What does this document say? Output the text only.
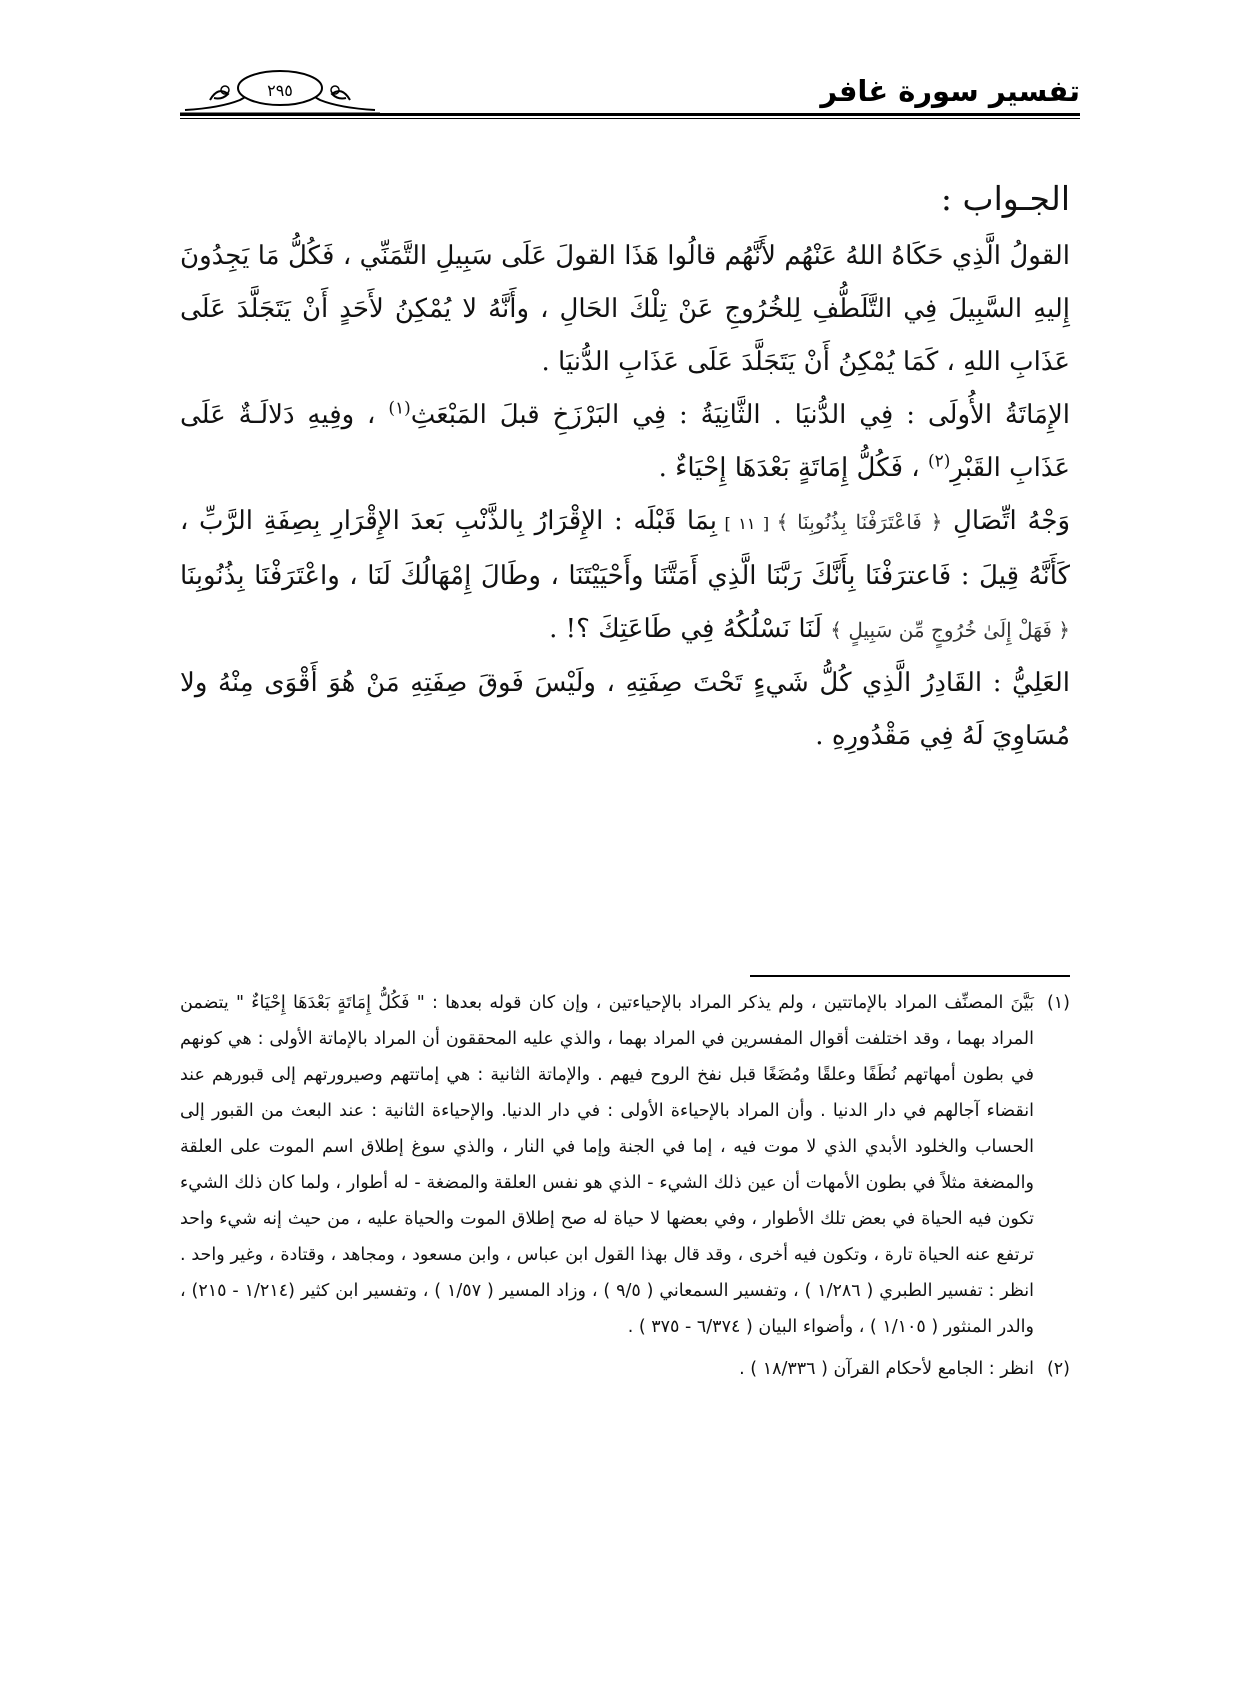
٢٩٥	تفسير سورة غافر

الجـواب :

القولُ الَّذِي حَكَاهُ اللهُ عَنْهُم لأَنَّهُم قالُوا هَذَا القولَ عَلَى سَبِيلِ التَّمَنِّي ، فَكُلُّ مَا يَجِدُونَ إِليهِ السَّبِيلَ فِي التَّلَطُّفِ لِلخُرُوجِ عَنْ تِلْكَ الحَالِ ، وأَنَّهُ لا يُمْكِنُ لأَحَدٍ أَنْ يَتَجَلَّدَ عَلَى عَذَابِ اللهِ ، كَمَا يُمْكِنُ أَنْ يَتَجَلَّدَ عَلَى عَذَابِ الدُّنيَا .

الإِمَاتَةُ الأُولَى : فِي الدُّنيَا . الثَّانِيَةُ : فِي البَرْزَخِ قبلَ المَبْعَثِ$^{(١)}$ ، وفِيهِ دَلالَـةٌ عَلَى عَذَابِ القَبْرِ$^{(٢)}$ ، فَكُلُّ إِمَاتَةٍ بَعْدَهَا إِحْيَاءٌ .

وَجْهُ اتِّصَالِ ﴿ فَاعْتَرَفْنَا بِذُنُوبِنَا ﴾ [ ١١ ] بِمَا قَبْلَه : الإِقْرَارُ بِالذَّنْبِ بَعدَ الإِقْرَارِ بِصِفَةِ الرَّبِّ ، كَأَنَّهُ قِيلَ : فَاعترَفْنَا بِأَنَّكَ رَبَّنَا الَّذِي أَمَتَّنَا وأَحْيَيْتَنَا ، وطَالَ إِمْهَالُكَ لَنَا ، واعْتَرَفْنَا بِذُنُوبِنَا ﴿ فَهَلْ إِلَىٰ خُرُوجٍ مِّن سَبِيلٍ ﴾ لَنَا نَسْلُكُهُ فِي طَاعَتِكَ ؟! .

العَلِيُّ : القَادِرُ الَّذِي كُلُّ شَيءٍ تَحْتَ صِفَتِهِ ، ولَيْسَ فَوقَ صِفَتِهِ مَنْ هُوَ أَقْوَى مِنْهُ ولا مُسَاوِيَ لَهُ فِي مَقْدُورِهِ .

(١)
بَيَّنَ المصنِّف المراد بالإماتتين ، ولم يذكر المراد بالإحياءتين ، وإن كان قوله بعدها : " فَكُلُّ إِمَاتَةٍ بَعْدَهَا إِحْيَاءٌ " يتضمن المراد بهما ، وقد اختلفت أقوال المفسرين في المراد بهما ، والذي عليه المحققون أن المراد بالإماتة الأولى : هي كونهم في بطون أمهاتهم نُطَفًا وعلقًا ومُضَغًا قبل نفخ الروح فيهم . والإماتة الثانية : هي إماتتهم وصيرورتهم إلى قبورهم عند انقضاء آجالهم في دار الدنيا . وأن المراد بالإحياءة الأولى : في دار الدنيا. والإحياءة الثانية : عند البعث من القبور إلى الحساب والخلود الأبدي الذي لا موت فيه ، إما في الجنة وإما في النار ، والذي سوغ إطلاق اسم الموت على العلقة والمضغة مثلاً في بطون الأمهات أن عين ذلك الشيء - الذي هو نفس العلقة والمضغة - له أطوار ، ولما كان ذلك الشيء تكون فيه الحياة في بعض تلك الأطوار ، وفي بعضها لا حياة له صح إطلاق الموت والحياة عليه ، من حيث إنه شيء واحد ترتفع عنه الحياة تارة ، وتكون فيه أخرى ، وقد قال بهذا القول ابن عباس ، وابن مسعود ، ومجاهد ، وقتادة ، وغير واحد . انظر : تفسير الطبري ( ١/٢٨٦ ) ، وتفسير السمعاني ( ٩/٥ ) ، وزاد المسير ( ١/٥٧ ) ، وتفسير ابن كثير (١/٢١٤ - ٢١٥) ، والدر المنثور ( ١/١٠٥ ) ، وأضواء البيان ( ٦/٣٧٤ - ٣٧٥ ) .
(٢)
انظر : الجامع لأحكام القرآن ( ١٨/٣٣٦ ) .
